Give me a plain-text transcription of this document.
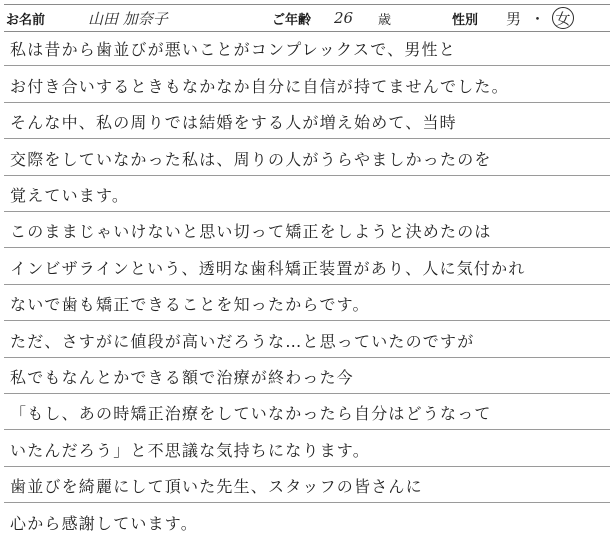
お名前	山田 加奈子	ご年齢 26 歳	性別 男 ・ 女
私は昔から歯並びが悪いことがコンプレックスで、男性と
お付き合いするときもなかなか自分に自信が持てませんでした。
そんな中、私の周りでは結婚をする人が増え始めて、当時
交際をしていなかった私は、周りの人がうらやましかったのを
覚えています。
このままじゃいけないと思い切って矯正をしようと決めたのは
インビザラインという、透明な歯科矯正装置があり、人に気付かれ
ないで歯も矯正できることを知ったからです。
ただ、さすがに値段が高いだろうな…と思っていたのですが
私でもなんとかできる額で治療が終わった今
「もし、あの時矯正治療をしていなかったら自分はどうなって
いたんだろう」と不思議な気持ちになります。
歯並びを綺麗にして頂いた先生、スタッフの皆さんに
心から感謝しています。
